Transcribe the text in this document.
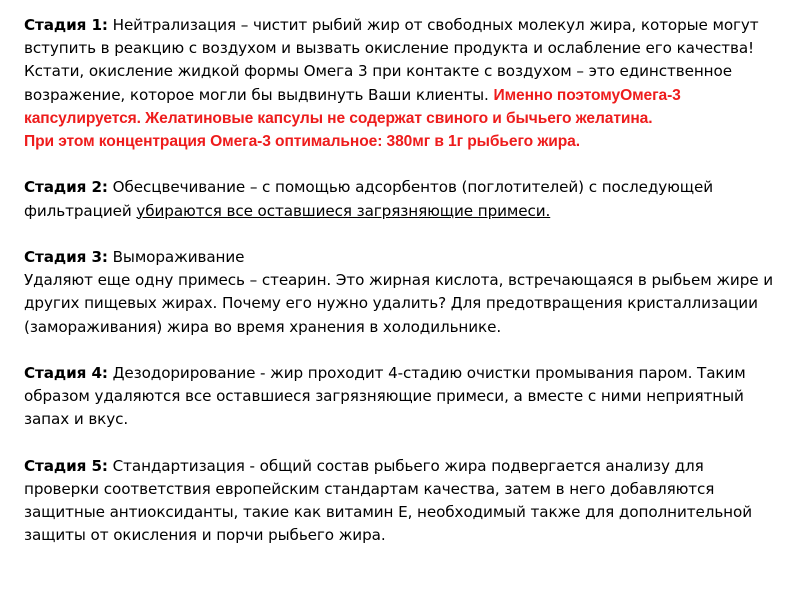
Стадия 1: Нейтрализация – чистит рыбий жир от свободных молекул жира, которые могут вступить в реакцию с воздухом и вызвать окисление продукта и ослабление его качества! Кстати, окисление жидкой формы Омега 3 при контакте с воздухом – это единственное возражение, которое могли бы выдвинуть Ваши клиенты. Именно поэтомуОмега-3 капсулируется. Желатиновые капсулы не содержат свиного и бычьего желатина.
При этом концентрация Омега-3 оптимальное: 380мг в 1г рыбьего жира.

Стадия 2: Обесцвечивание – с помощью адсорбентов (поглотителей) с последующей фильтрацией убираются все оставшиеся загрязняющие примеси.

Стадия 3: Вымораживание
Удаляют еще одну примесь – стеарин. Это жирная кислота, встречающаяся в рыбьем жире и других пищевых жирах. Почему его нужно удалить? Для предотвращения кристаллизации (замораживания) жира во время хранения в холодильнике.

Стадия 4: Дезодорирование - жир проходит 4-стадию очистки промывания паром. Таким образом удаляются все оставшиеся загрязняющие примеси, а вместе с ними неприятный запах и вкус.

Стадия 5: Стандартизация - общий состав рыбьего жира подвергается анализу для проверки соответствия европейским стандартам качества, затем в него добавляются защитные антиоксиданты, такие как витамин Е, необходимый также для дополнительной защиты от окисления и порчи рыбьего жира.
